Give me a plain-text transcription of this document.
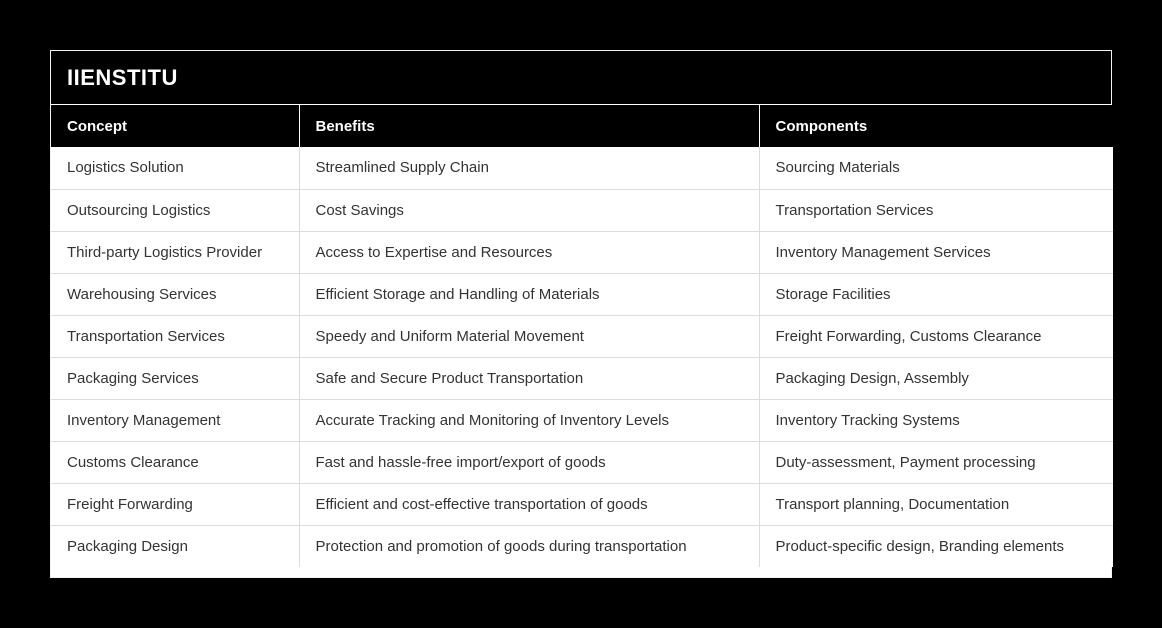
IIENSTITU
Concept	Benefits	Components
Logistics Solution	Streamlined Supply Chain	Sourcing Materials
Outsourcing Logistics	Cost Savings	Transportation Services
Third-party Logistics Provider	Access to Expertise and Resources	Inventory Management Services
Warehousing Services	Efficient Storage and Handling of Materials	Storage Facilities
Transportation Services	Speedy and Uniform Material Movement	Freight Forwarding, Customs Clearance
Packaging Services	Safe and Secure Product Transportation	Packaging Design, Assembly
Inventory Management	Accurate Tracking and Monitoring of Inventory Levels	Inventory Tracking Systems
Customs Clearance	Fast and hassle-free import/export of goods	Duty-assessment, Payment processing
Freight Forwarding	Efficient and cost-effective transportation of goods	Transport planning, Documentation
Packaging Design	Protection and promotion of goods during transportation	Product-specific design, Branding elements
